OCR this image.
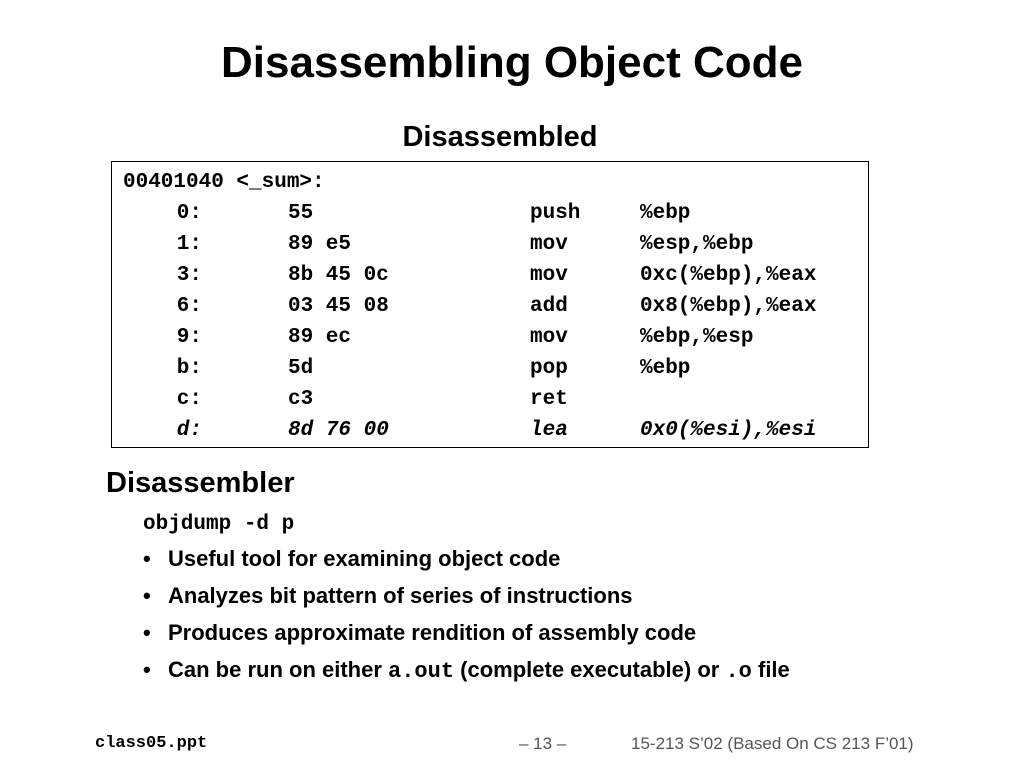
Disassembling Object Code
Disassembled
00401040 <_sum>:
0:	55	push	%ebp
1:	89 e5	mov	%esp,%ebp
3:	8b 45 0c	mov	0xc(%ebp),%eax
6:	03 45 08	add	0x8(%ebp),%eax
9:	89 ec	mov	%ebp,%esp
b:	5d	pop	%ebp
c:	c3	ret
d:	8d 76 00	lea	0x0(%esi),%esi
Disassembler
objdump -d p
• Useful tool for examining object code
• Analyzes bit pattern of series of instructions
• Produces approximate rendition of assembly code
• Can be run on either a.out (complete executable) or .o file
class05.ppt	– 13 –	15-213 S’02 (Based On CS 213 F’01)
